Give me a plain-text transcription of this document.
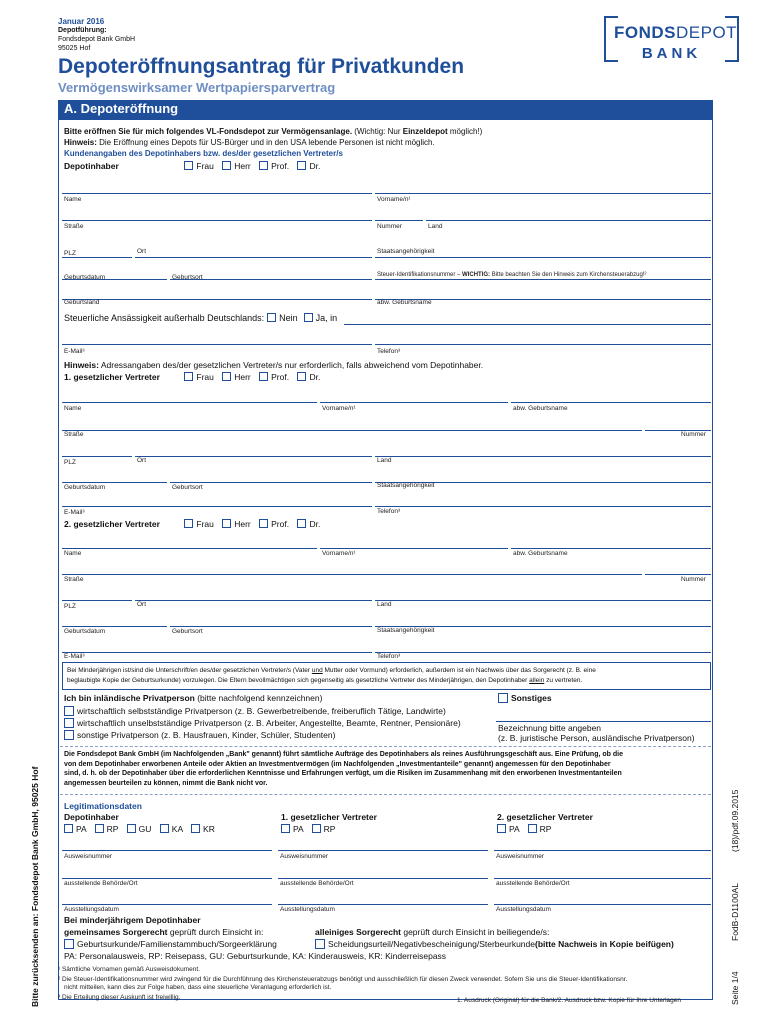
Januar 2016
Depotführung:
Fondsdepot Bank GmbH
95025 Hof
FONDSDEPOT
BANK
Depoteröffnungsantrag für Privatkunden
Vermögenswirksamer Wertpapiersparvertrag
A. Depoteröffnung
Bitte eröffnen Sie für mich folgendes VL-Fondsdepot zur Vermögensanlage. (Wichtig: Nur Einzeldepot möglich!)
Hinweis: Die Eröffnung eines Depots für US-Bürger und in den USA lebende Personen ist nicht möglich.
Kundenangaben des Depotinhabers bzw. des/der gesetzlichen Vertreter/s
Depotinhaber	Frau Herr Prof. Dr.
Name	Vorname/n¹
Straße	Nummer	Land
PLZ	Ort	Staatsangehörigkeit
Geburtsdatum	Geburtsort	Steuer-Identifikationsnummer – WICHTIG: Bitte beachten Sie den Hinweis zum Kirchensteuerabzug!²
Geburtsland	abw. Geburtsname
Steuerliche Ansässigkeit außerhalb Deutschlands: Nein Ja, in
E-Mail³	Telefon³
Hinweis: Adressangaben des/der gesetzlichen Vertreter/s nur erforderlich, falls abweichend vom Depotinhaber.
1. gesetzlicher Vertreter	Frau Herr Prof. Dr.
Name	Vorname/n¹	abw. Geburtsname
Straße	Nummer
PLZ	Ort	Land
Geburtsdatum	Geburtsort	Staatsangehörigkeit
E-Mail³	Telefon³
2. gesetzlicher Vertreter	Frau Herr Prof. Dr.
Name	Vorname/n¹	abw. Geburtsname
Straße	Nummer
PLZ	Ort	Land
Geburtsdatum	Geburtsort	Staatsangehörigkeit
E-Mail³	Telefon³
Bei Minderjährigen ist/sind die Unterschrift/en des/der gesetzlichen Vertreter/s (Vater und Mutter oder Vormund) erforderlich, außerdem ist ein Nachweis über das Sorgerecht (z. B. eine
beglaubigte Kopie der Geburtsurkunde) vorzulegen. Die Eltern bevollmächtigen sich gegenseitig als gesetzliche Vertreter des Minderjährigen, den Depotinhaber allein zu vertreten.
Ich bin inländische Privatperson (bitte nachfolgend kennzeichnen)
wirtschaftlich selbstständige Privatperson (z. B. Gewerbetreibende, freiberuflich Tätige, Landwirte)
wirtschaftlich unselbstständige Privatperson (z. B. Arbeiter, Angestellte, Beamte, Rentner, Pensionäre)
sonstige Privatperson (z. B. Hausfrauen, Kinder, Schüler, Studenten)
Sonstiges
Bezeichnung bitte angeben
(z. B. juristische Person, ausländische Privatperson)
Die Fondsdepot Bank GmbH (im Nachfolgenden „Bank" genannt) führt sämtliche Aufträge des Depotinhabers als reines Ausführungsgeschäft aus. Eine Prüfung, ob die
von dem Depotinhaber erworbenen Anteile oder Aktien an Investmentvermögen (im Nachfolgenden „Investmentanteile" genannt) angemessen für den Depotinhaber
sind, d. h. ob der Depotinhaber über die erforderlichen Kenntnisse und Erfahrungen verfügt, um die Risiken im Zusammenhang mit den erworbenen Investmentanteilen
angemessen beurteilen zu können, nimmt die Bank nicht vor.
Legitimationsdaten
Depotinhaber	1. gesetzlicher Vertreter	2. gesetzlicher Vertreter
PA RP GU KA KR	PA RP	PA RP
Ausweisnummer	Ausweisnummer	Ausweisnummer
ausstellende Behörde/Ort	ausstellende Behörde/Ort	ausstellende Behörde/Ort
Ausstellungsdatum	Ausstellungsdatum	Ausstellungsdatum
Bei minderjährigem Depotinhaber
gemeinsames Sorgerecht geprüft durch Einsicht in:	alleiniges Sorgerecht geprüft durch Einsicht in beiliegende/s:
Geburtsurkunde/Familienstammbuch/Sorgeerklärung	Scheidungsurteil/Negativbescheinigung/Sterbeurkunde(bitte Nachweis in Kopie beifügen)
PA: Personalausweis, RP: Reisepass, GU: Geburtsurkunde, KA: Kinderausweis, KR: Kinderreisepass
¹ Sämtliche Vornamen gemäß Ausweisdokument.
² Die Steuer-Identifikationsnummer wird zwingend für die Durchführung des Kirchensteuerabzugs benötigt und ausschließlich für diesen Zweck verwendet. Sofern Sie uns die Steuer-Identifikationsnr.
nicht mitteilen, kann dies zur Folge haben, dass eine steuerliche Veranlagung erforderlich ist.
³ Die Erteilung dieser Auskunft ist freiwillig.	1. Ausdruck (Original) für die Bank/2. Ausdruck bzw. Kopie für Ihre Unterlagen
Bitte zurücksenden an: Fondsdepot Bank GmbH, 95025 Hof	(18)/pdf.09.2015
FodB-D1100AL
Seite 1/4
